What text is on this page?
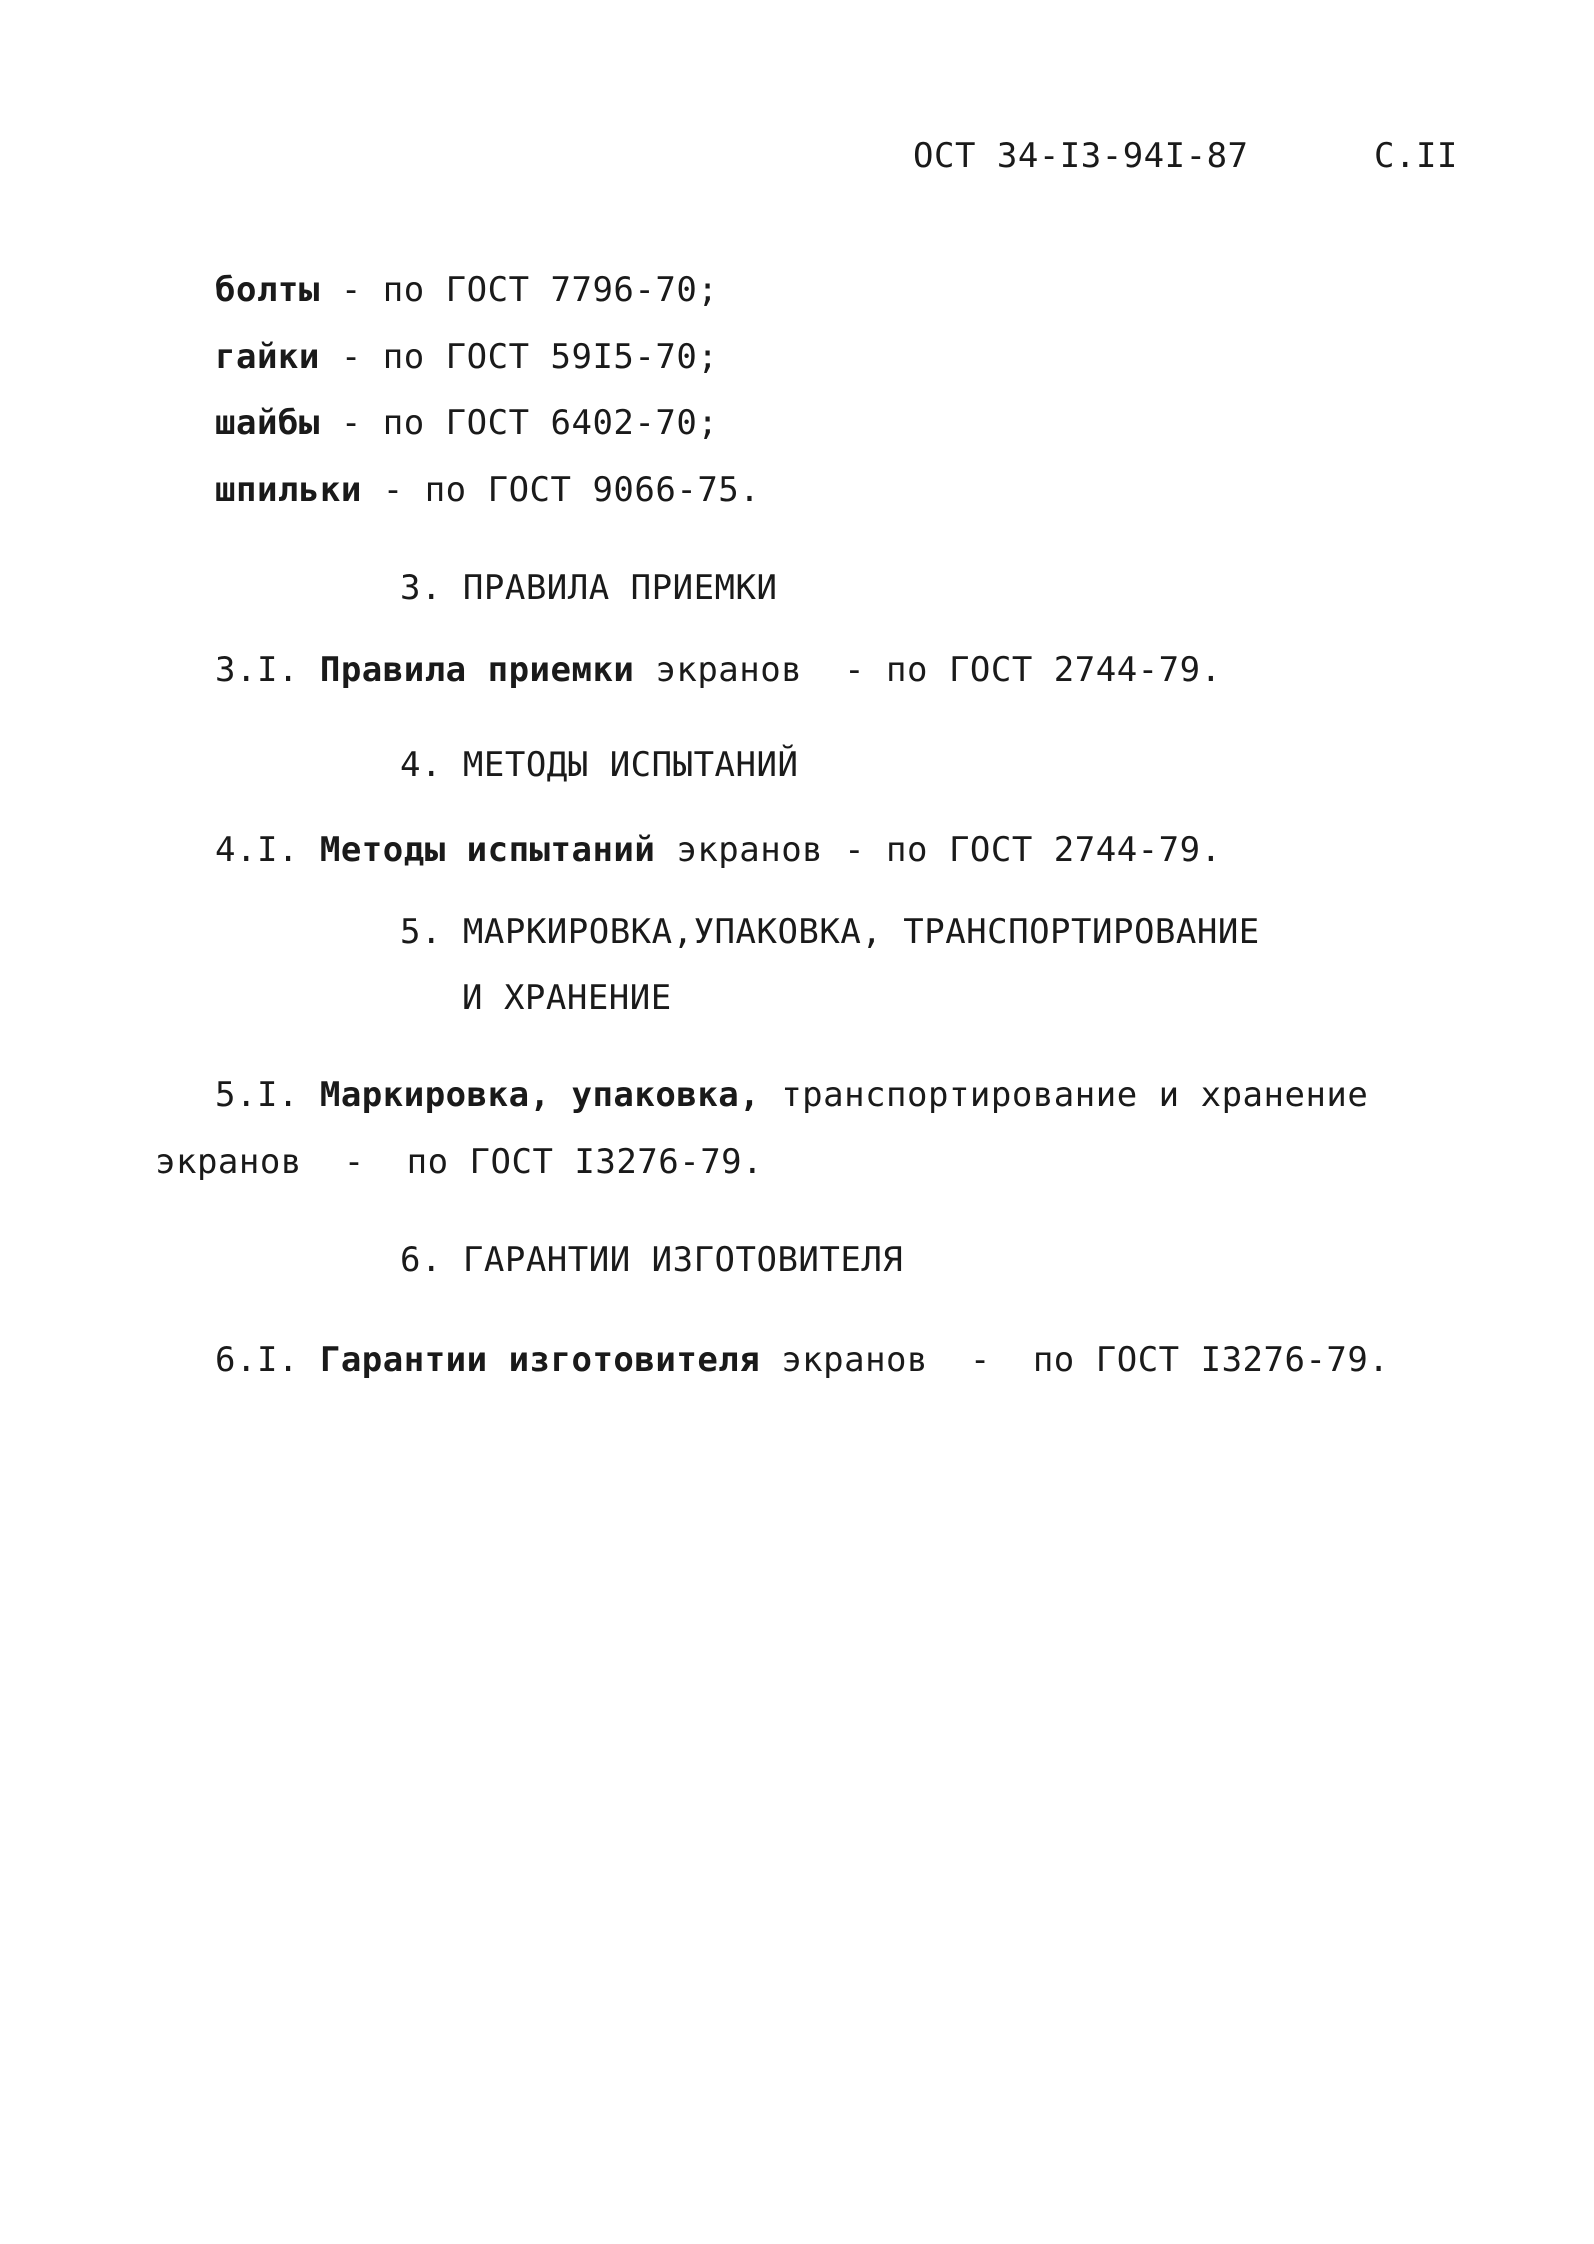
ОСТ 34-I3-94I-87	С.II
болты - по ГОСТ 7796-70;
гайки - по ГОСТ 59I5-70;
шайбы - по ГОСТ 6402-70;
шпильки - по ГОСТ 9066-75.
3. ПРАВИЛА ПРИЕМКИ
3.I. Правила приемки экранов  - по ГОСТ 2744-79.
4. МЕТОДЫ ИСПЫТАНИЙ
4.I. Методы испытаний экранов - по ГОСТ 2744-79.
5. МАРКИРОВКА,УПАКОВКА, ТРАНСПОРТИРОВАНИЕ
И ХРАНЕНИЕ
5.I. Маркировка, упаковка, транспортирование и хранение
экранов  -  по ГОСТ I3276-79.
6. ГАРАНТИИ ИЗГОТОВИТЕЛЯ
6.I. Гарантии изготовителя экранов  -  по ГОСТ I3276-79.
